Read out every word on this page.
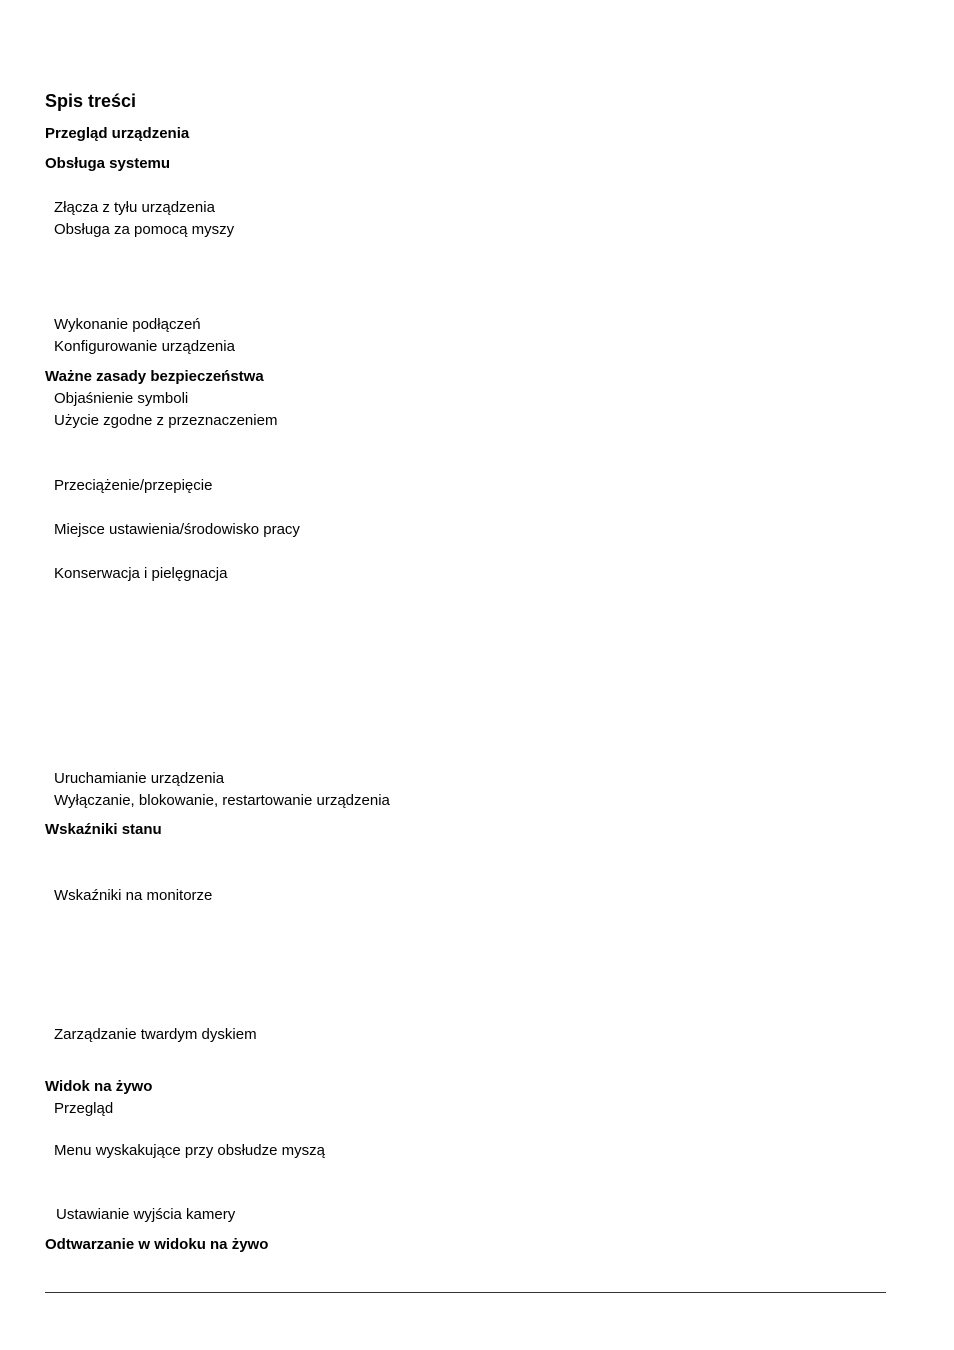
Spis treści
Przegląd urządzenia
Obsługa systemu
Złącza z tyłu urządzenia
Obsługa za pomocą myszy
Wykonanie podłączeń
Konfigurowanie urządzenia
Ważne zasady bezpieczeństwa
Objaśnienie symboli
Użycie zgodne z przeznaczeniem
Przeciążenie/przepięcie
Miejsce ustawienia/środowisko pracy
Konserwacja i pielęgnacja
Uruchamianie urządzenia
Wyłączanie, blokowanie, restartowanie urządzenia
Wskaźniki stanu
Wskaźniki na monitorze
Zarządzanie twardym dyskiem
Widok na żywo
Przegląd
Menu wyskakujące przy obsłudze myszą
Ustawianie wyjścia kamery
Odtwarzanie w widoku na żywo
